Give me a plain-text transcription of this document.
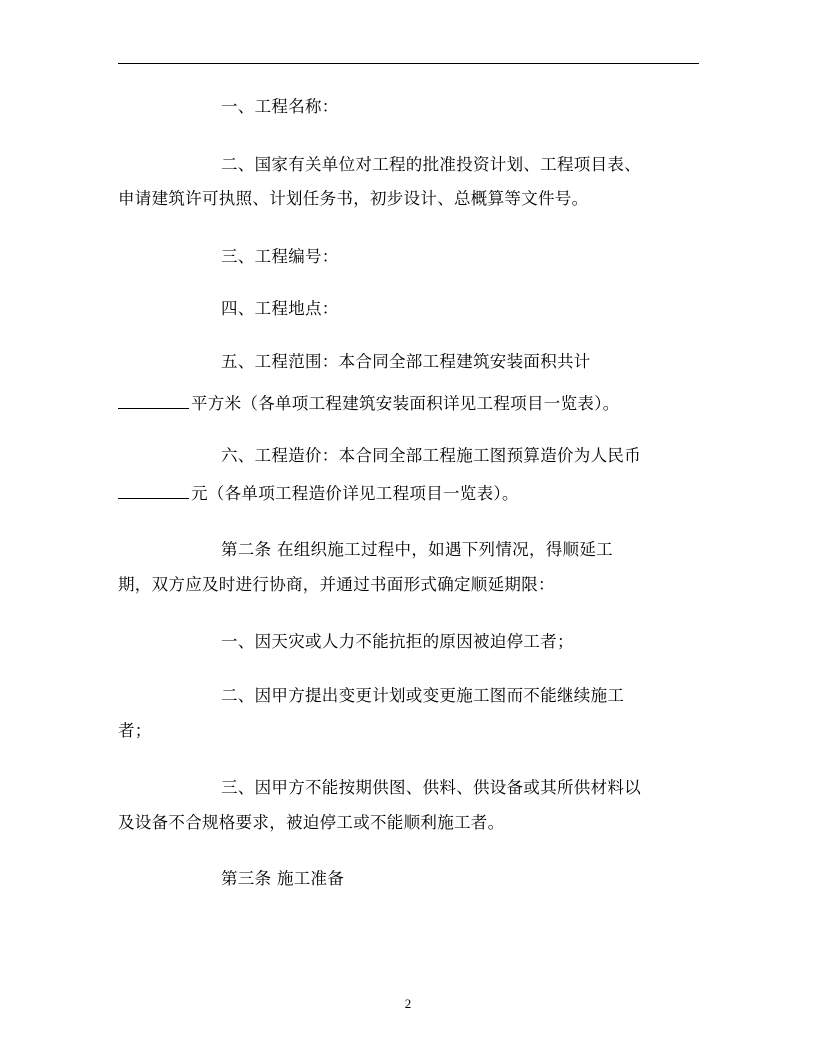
一、工程名称：
二、国家有关单位对工程的批准投资计划、工程项目表、
申请建筑许可执照、计划任务书，初步设计、总概算等文件号。
三、工程编号：
四、工程地点：
五、工程范围：本合同全部工程建筑安装面积共计
平方米（各单项工程建筑安装面积详见工程项目一览表）。
六、工程造价：本合同全部工程施工图预算造价为人民币
元（各单项工程造价详见工程项目一览表）。
第二条 在组织施工过程中，如遇下列情况，得顺延工
期，双方应及时进行协商，并通过书面形式确定顺延期限：
一、因天灾或人力不能抗拒的原因被迫停工者；
二、因甲方提出变更计划或变更施工图而不能继续施工
者；
三、因甲方不能按期供图、供料、供设备或其所供材料以
及设备不合规格要求，被迫停工或不能顺利施工者。
第三条 施工准备
2
